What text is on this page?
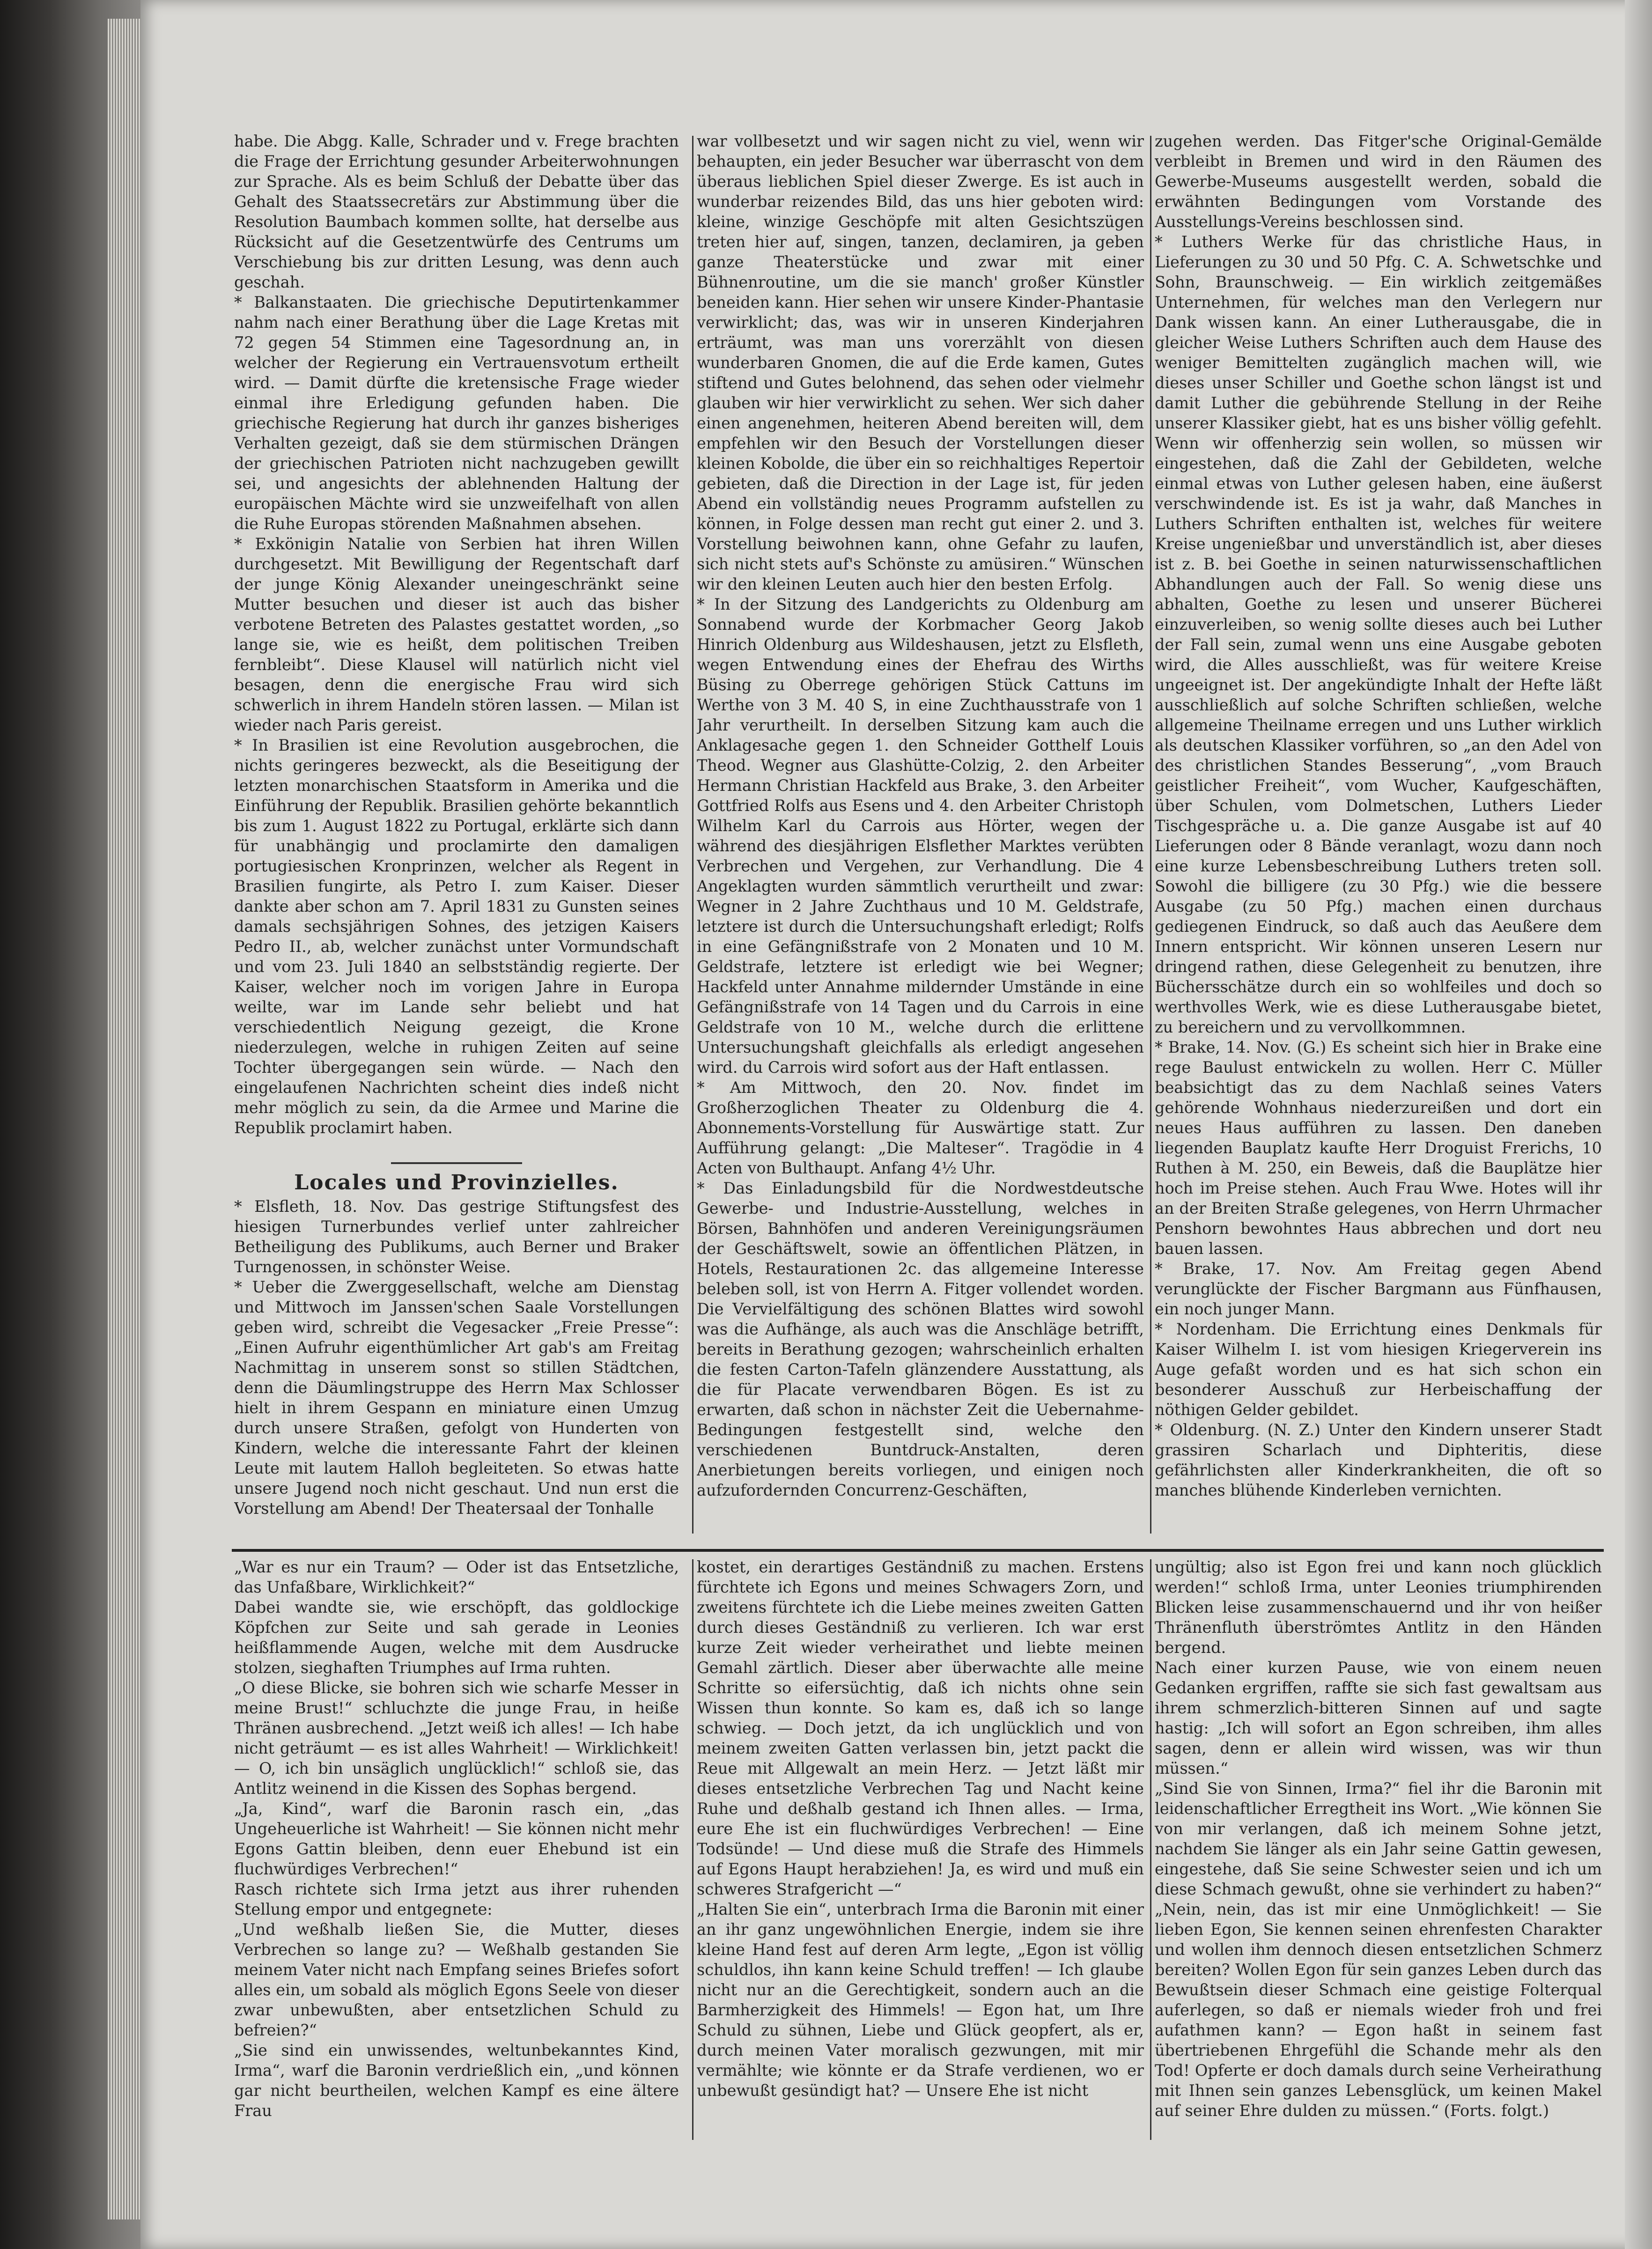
habe. Die Abgg. Kalle, Schrader und v. Frege brachten die Frage der Errichtung gesunder Arbeiterwohnungen zur Sprache. Als es beim Schluß der Debatte über das Gehalt des Staatssecretärs zur Abstimmung über die Resolution Baumbach kommen sollte, hat derselbe aus Rücksicht auf die Gesetzentwürfe des Centrums um Verschiebung bis zur dritten Lesung, was denn auch geschah.

* Balkanstaaten. Die griechische Deputirtenkammer nahm nach einer Berathung über die Lage Kretas mit 72 gegen 54 Stimmen eine Tagesordnung an, in welcher der Regierung ein Vertrauensvotum ertheilt wird. — Damit dürfte die kretensische Frage wieder einmal ihre Erledigung gefunden haben. Die griechische Regierung hat durch ihr ganzes bisheriges Verhalten gezeigt, daß sie dem stürmischen Drängen der griechischen Patrioten nicht nachzugeben gewillt sei, und angesichts der ablehnenden Haltung der europäischen Mächte wird sie unzweifelhaft von allen die Ruhe Europas störenden Maßnahmen absehen.

* Exkönigin Natalie von Serbien hat ihren Willen durchgesetzt. Mit Bewilligung der Regentschaft darf der junge König Alexander uneingeschränkt seine Mutter besuchen und dieser ist auch das bisher verbotene Betreten des Palastes gestattet worden, „so lange sie, wie es heißt, dem politischen Treiben fernbleibt“. Diese Klausel will natürlich nicht viel besagen, denn die energische Frau wird sich schwerlich in ihrem Handeln stören lassen. — Milan ist wieder nach Paris gereist.

* In Brasilien ist eine Revolution ausgebrochen, die nichts geringeres bezweckt, als die Beseitigung der letzten monarchischen Staatsform in Amerika und die Einführung der Republik. Brasilien gehörte bekanntlich bis zum 1. August 1822 zu Portugal, erklärte sich dann für unabhängig und proclamirte den damaligen portugiesischen Kronprinzen, welcher als Regent in Brasilien fungirte, als Petro I. zum Kaiser. Dieser dankte aber schon am 7. April 1831 zu Gunsten seines damals sechsjährigen Sohnes, des jetzigen Kaisers Pedro II., ab, welcher zunächst unter Vormundschaft und vom 23. Juli 1840 an selbstständig regierte. Der Kaiser, welcher noch im vorigen Jahre in Europa weilte, war im Lande sehr beliebt und hat verschiedentlich Neigung gezeigt, die Krone niederzulegen, welche in ruhigen Zeiten auf seine Tochter übergegangen sein würde. — Nach den eingelaufenen Nachrichten scheint dies indeß nicht mehr möglich zu sein, da die Armee und Marine die Republik proclamirt haben.

Locales und Provinzielles.

* Elsfleth, 18. Nov. Das gestrige Stiftungsfest des hiesigen Turnerbundes verlief unter zahlreicher Betheiligung des Publikums, auch Berner und Braker Turngenossen, in schönster Weise.

* Ueber die Zwerggesellschaft, welche am Dienstag und Mittwoch im Janssen'schen Saale Vorstellungen geben wird, schreibt die Vegesacker „Freie Presse“: „Einen Aufruhr eigenthümlicher Art gab's am Freitag Nachmittag in unserem sonst so stillen Städtchen, denn die Däumlingstruppe des Herrn Max Schlosser hielt in ihrem Gespann en miniature einen Umzug durch unsere Straßen, gefolgt von Hunderten von Kindern, welche die interessante Fahrt der kleinen Leute mit lautem Halloh begleiteten. So etwas hatte unsere Jugend noch nicht geschaut. Und nun erst die Vorstellung am Abend! Der Theatersaal der Tonhalle

war vollbesetzt und wir sagen nicht zu viel, wenn wir behaupten, ein jeder Besucher war überrascht von dem überaus lieblichen Spiel dieser Zwerge. Es ist auch in wunderbar reizendes Bild, das uns hier geboten wird: kleine, winzige Geschöpfe mit alten Gesichtszügen treten hier auf, singen, tanzen, declamiren, ja geben ganze Theaterstücke und zwar mit einer Bühnenroutine, um die sie manch' großer Künstler beneiden kann. Hier sehen wir unsere Kinder-Phantasie verwirklicht; das, was wir in unseren Kinderjahren erträumt, was man uns vorerzählt von diesen wunderbaren Gnomen, die auf die Erde kamen, Gutes stiftend und Gutes belohnend, das sehen oder vielmehr glauben wir hier verwirklicht zu sehen. Wer sich daher einen angenehmen, heiteren Abend bereiten will, dem empfehlen wir den Besuch der Vorstellungen dieser kleinen Kobolde, die über ein so reichhaltiges Repertoir gebieten, daß die Direction in der Lage ist, für jeden Abend ein vollständig neues Programm aufstellen zu können, in Folge dessen man recht gut einer 2. und 3. Vorstellung beiwohnen kann, ohne Gefahr zu laufen, sich nicht stets auf's Schönste zu amüsiren.“ Wünschen wir den kleinen Leuten auch hier den besten Erfolg.

* In der Sitzung des Landgerichts zu Oldenburg am Sonnabend wurde der Korbmacher Georg Jakob Hinrich Oldenburg aus Wildeshausen, jetzt zu Elsfleth, wegen Entwendung eines der Ehefrau des Wirths Büsing zu Oberrege gehörigen Stück Cattuns im Werthe von 3 M. 40 S, in eine Zuchthausstrafe von 1 Jahr verurtheilt. In derselben Sitzung kam auch die Anklagesache gegen 1. den Schneider Gotthelf Louis Theod. Wegner aus Glashütte-Colzig, 2. den Arbeiter Hermann Christian Hackfeld aus Brake, 3. den Arbeiter Gottfried Rolfs aus Esens und 4. den Arbeiter Christoph Wilhelm Karl du Carrois aus Hörter, wegen der während des diesjährigen Elsflether Marktes verübten Verbrechen und Vergehen, zur Verhandlung. Die 4 Angeklagten wurden sämmtlich verurtheilt und zwar: Wegner in 2 Jahre Zuchthaus und 10 M. Geldstrafe, letztere ist durch die Untersuchungshaft erledigt; Rolfs in eine Gefängnißstrafe von 2 Monaten und 10 M. Geldstrafe, letztere ist erledigt wie bei Wegner; Hackfeld unter Annahme mildernder Umstände in eine Gefängnißstrafe von 14 Tagen und du Carrois in eine Geldstrafe von 10 M., welche durch die erlittene Untersuchungshaft gleichfalls als erledigt angesehen wird. du Carrois wird sofort aus der Haft entlassen.

* Am Mittwoch, den 20. Nov. findet im Großherzoglichen Theater zu Oldenburg die 4. Abonnements-Vorstellung für Auswärtige statt. Zur Aufführung gelangt: „Die Malteser“. Tragödie in 4 Acten von Bulthaupt. Anfang 4½ Uhr.

* Das Einladungsbild für die Nordwestdeutsche Gewerbe- und Industrie-Ausstellung, welches in Börsen, Bahnhöfen und anderen Vereinigungsräumen der Geschäftswelt, sowie an öffentlichen Plätzen, in Hotels, Restaurationen 2c. das allgemeine Interesse beleben soll, ist von Herrn A. Fitger vollendet worden. Die Vervielfältigung des schönen Blattes wird sowohl was die Aufhänge, als auch was die Anschläge betrifft, bereits in Berathung gezogen; wahrscheinlich erhalten die festen Carton-Tafeln glänzendere Ausstattung, als die für Placate verwendbaren Bögen. Es ist zu erwarten, daß schon in nächster Zeit die Uebernahme-Bedingungen festgestellt sind, welche den verschiedenen Buntdruck-Anstalten, deren Anerbietungen bereits vorliegen, und einigen noch aufzufordernden Concurrenz-Geschäften,

zugehen werden. Das Fitger'sche Original-Gemälde verbleibt in Bremen und wird in den Räumen des Gewerbe-Museums ausgestellt werden, sobald die erwähnten Bedingungen vom Vorstande des Ausstellungs-Vereins beschlossen sind.

* Luthers Werke für das christliche Haus, in Lieferungen zu 30 und 50 Pfg. C. A. Schwetschke und Sohn, Braunschweig. — Ein wirklich zeitgemäßes Unternehmen, für welches man den Verlegern nur Dank wissen kann. An einer Lutherausgabe, die in gleicher Weise Luthers Schriften auch dem Hause des weniger Bemittelten zugänglich machen will, wie dieses unser Schiller und Goethe schon längst ist und damit Luther die gebührende Stellung in der Reihe unserer Klassiker giebt, hat es uns bisher völlig gefehlt. Wenn wir offenherzig sein wollen, so müssen wir eingestehen, daß die Zahl der Gebildeten, welche einmal etwas von Luther gelesen haben, eine äußerst verschwindende ist. Es ist ja wahr, daß Manches in Luthers Schriften enthalten ist, welches für weitere Kreise ungenießbar und unverständlich ist, aber dieses ist z. B. bei Goethe in seinen naturwissenschaftlichen Abhandlungen auch der Fall. So wenig diese uns abhalten, Goethe zu lesen und unserer Bücherei einzuverleiben, so wenig sollte dieses auch bei Luther der Fall sein, zumal wenn uns eine Ausgabe geboten wird, die Alles ausschließt, was für weitere Kreise ungeeignet ist. Der angekündigte Inhalt der Hefte läßt ausschließlich auf solche Schriften schließen, welche allgemeine Theilname erregen und uns Luther wirklich als deutschen Klassiker vorführen, so „an den Adel von des christlichen Standes Besserung“, „vom Brauch geistlicher Freiheit“, vom Wucher, Kaufgeschäften, über Schulen, vom Dolmetschen, Luthers Lieder Tischgespräche u. a. Die ganze Ausgabe ist auf 40 Lieferungen oder 8 Bände veranlagt, wozu dann noch eine kurze Lebensbeschreibung Luthers treten soll. Sowohl die billigere (zu 30 Pfg.) wie die bessere Ausgabe (zu 50 Pfg.) machen einen durchaus gediegenen Eindruck, so daß auch das Aeußere dem Innern entspricht. Wir können unseren Lesern nur dringend rathen, diese Gelegenheit zu benutzen, ihre Büchersschätze durch ein so wohlfeiles und doch so werthvolles Werk, wie es diese Lutherausgabe bietet, zu bereichern und zu vervollkommnen.

* Brake, 14. Nov. (G.) Es scheint sich hier in Brake eine rege Baulust entwickeln zu wollen. Herr C. Müller beabsichtigt das zu dem Nachlaß seines Vaters gehörende Wohnhaus niederzureißen und dort ein neues Haus aufführen zu lassen. Den daneben liegenden Bauplatz kaufte Herr Droguist Frerichs, 10 Ruthen à M. 250, ein Beweis, daß die Bauplätze hier hoch im Preise stehen. Auch Frau Wwe. Hotes will ihr an der Breiten Straße gelegenes, von Herrn Uhrmacher Penshorn bewohntes Haus abbrechen und dort neu bauen lassen.

* Brake, 17. Nov. Am Freitag gegen Abend verunglückte der Fischer Bargmann aus Fünfhausen, ein noch junger Mann.

* Nordenham. Die Errichtung eines Denkmals für Kaiser Wilhelm I. ist vom hiesigen Kriegerverein ins Auge gefaßt worden und es hat sich schon ein besonderer Ausschuß zur Herbeischaffung der nöthigen Gelder gebildet.

* Oldenburg. (N. Z.) Unter den Kindern unserer Stadt grassiren Scharlach und Diphteritis, diese gefährlichsten aller Kinderkrankheiten, die oft so manches blühende Kinderleben vernichten.

„War es nur ein Traum? — Oder ist das Entsetzliche, das Unfaßbare, Wirklichkeit?“

Dabei wandte sie, wie erschöpft, das goldlockige Köpfchen zur Seite und sah gerade in Leonies heißflammende Augen, welche mit dem Ausdrucke stolzen, sieghaften Triumphes auf Irma ruhten.

„O diese Blicke, sie bohren sich wie scharfe Messer in meine Brust!“ schluchzte die junge Frau, in heiße Thränen ausbrechend. „Jetzt weiß ich alles! — Ich habe nicht geträumt — es ist alles Wahrheit! — Wirklichkeit! — O, ich bin unsäglich unglücklich!“ schloß sie, das Antlitz weinend in die Kissen des Sophas bergend.

„Ja, Kind“, warf die Baronin rasch ein, „das Ungeheuerliche ist Wahrheit! — Sie können nicht mehr Egons Gattin bleiben, denn euer Ehebund ist ein fluchwürdiges Verbrechen!“

Rasch richtete sich Irma jetzt aus ihrer ruhenden Stellung empor und entgegnete:

„Und weßhalb ließen Sie, die Mutter, dieses Verbrechen so lange zu? — Weßhalb gestanden Sie meinem Vater nicht nach Empfang seines Briefes sofort alles ein, um sobald als möglich Egons Seele von dieser zwar unbewußten, aber entsetzlichen Schuld zu befreien?“

„Sie sind ein unwissendes, weltunbekanntes Kind, Irma“, warf die Baronin verdrießlich ein, „und können gar nicht beurtheilen, welchen Kampf es eine ältere Frau

kostet, ein derartiges Geständniß zu machen. Erstens fürchtete ich Egons und meines Schwagers Zorn, und zweitens fürchtete ich die Liebe meines zweiten Gatten durch dieses Geständniß zu verlieren. Ich war erst kurze Zeit wieder verheirathet und liebte meinen Gemahl zärtlich. Dieser aber überwachte alle meine Schritte so eifersüchtig, daß ich nichts ohne sein Wissen thun konnte. So kam es, daß ich so lange schwieg. — Doch jetzt, da ich unglücklich und von meinem zweiten Gatten verlassen bin, jetzt packt die Reue mit Allgewalt an mein Herz. — Jetzt läßt mir dieses entsetzliche Verbrechen Tag und Nacht keine Ruhe und deßhalb gestand ich Ihnen alles. — Irma, eure Ehe ist ein fluchwürdiges Verbrechen! — Eine Todsünde! — Und diese muß die Strafe des Himmels auf Egons Haupt herabziehen! Ja, es wird und muß ein schweres Strafgericht —“

„Halten Sie ein“, unterbrach Irma die Baronin mit einer an ihr ganz ungewöhnlichen Energie, indem sie ihre kleine Hand fest auf deren Arm legte, „Egon ist völlig schuldlos, ihn kann keine Schuld treffen! — Ich glaube nicht nur an die Gerechtigkeit, sondern auch an die Barmherzigkeit des Himmels! — Egon hat, um Ihre Schuld zu sühnen, Liebe und Glück geopfert, als er, durch meinen Vater moralisch gezwungen, mit mir vermählte; wie könnte er da Strafe verdienen, wo er unbewußt gesündigt hat? — Unsere Ehe ist nicht

ungültig; also ist Egon frei und kann noch glücklich werden!“ schloß Irma, unter Leonies triumphirenden Blicken leise zusammenschauernd und ihr von heißer Thränenfluth überströmtes Antlitz in den Händen bergend.

Nach einer kurzen Pause, wie von einem neuen Gedanken ergriffen, raffte sie sich fast gewaltsam aus ihrem schmerzlich-bitteren Sinnen auf und sagte hastig: „Ich will sofort an Egon schreiben, ihm alles sagen, denn er allein wird wissen, was wir thun müssen.“

„Sind Sie von Sinnen, Irma?“ fiel ihr die Baronin mit leidenschaftlicher Erregtheit ins Wort. „Wie können Sie von mir verlangen, daß ich meinem Sohne jetzt, nachdem Sie länger als ein Jahr seine Gattin gewesen, eingestehe, daß Sie seine Schwester seien und ich um diese Schmach gewußt, ohne sie verhindert zu haben?“ „Nein, nein, das ist mir eine Unmöglichkeit! — Sie lieben Egon, Sie kennen seinen ehrenfesten Charakter und wollen ihm dennoch diesen entsetzlichen Schmerz bereiten? Wollen Egon für sein ganzes Leben durch das Bewußtsein dieser Schmach eine geistige Folterqual auferlegen, so daß er niemals wieder froh und frei aufathmen kann? — Egon haßt in seinem fast übertriebenen Ehrgefühl die Schande mehr als den Tod! Opferte er doch damals durch seine Verheirathung mit Ihnen sein ganzes Lebensglück, um keinen Makel auf seiner Ehre dulden zu müssen.“ (Forts. folgt.)
